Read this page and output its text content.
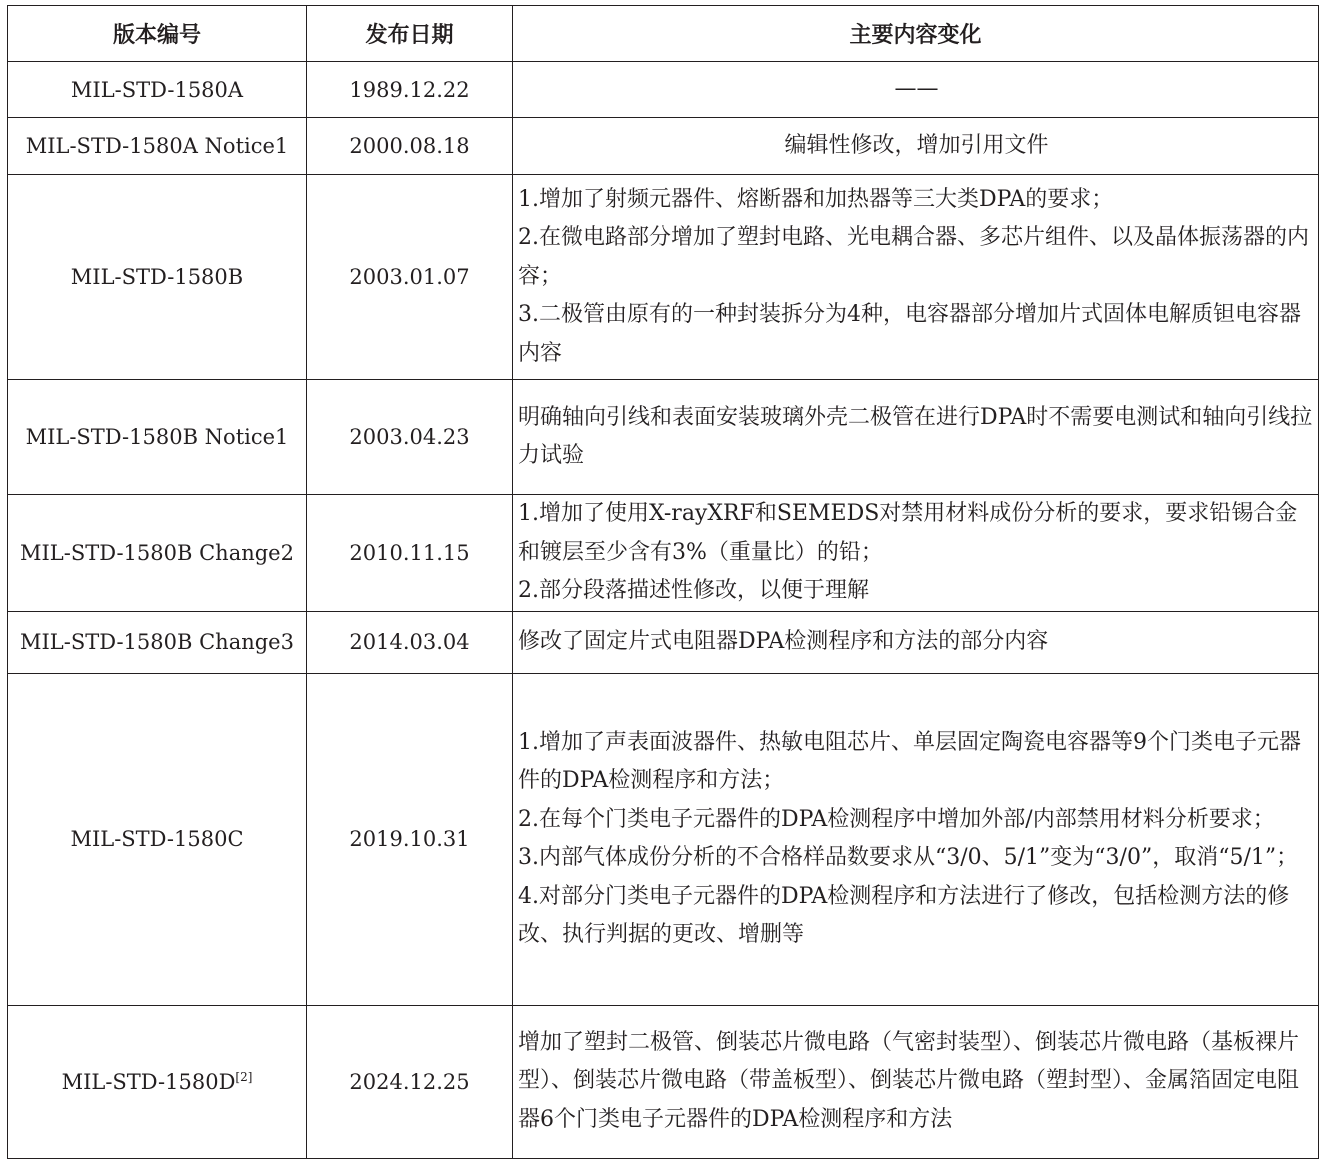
版本编号	发布日期	主要内容变化
MIL-STD-1580A	1989.12.22	——

MIL-STD-1580A Notice1	2000.08.18	编辑性修改，增加引用文件

MIL-STD-1580B	2003.01.07	1.增加了射频元器件、熔断器和加热器等三大类DPA的要求；
2.在微电路部分增加了塑封电路、光电耦合器、多芯片组件、以及晶体振荡器的内容；
3.二极管由原有的一种封装拆分为4种，电容器部分增加片式固体电解质钽电容器内容

MIL-STD-1580B Notice1	2003.04.23	明确轴向引线和表面安装玻璃外壳二极管在进行DPA时不需要电测试和轴向引线拉力试验

MIL-STD-1580B Change2	2010.11.15	1.增加了使用X-rayXRF和SEMEDS对禁用材料成份分析的要求，要求铅锡合金和镀层至少含有3%（重量比）的铅；
2.部分段落描述性修改，以便于理解

MIL-STD-1580B Change3	2014.03.04	修改了固定片式电阻器DPA检测程序和方法的部分内容

MIL-STD-1580C	2019.10.31	1.增加了声表面波器件、热敏电阻芯片、单层固定陶瓷电容器等9个门类电子元器件的DPA检测程序和方法；
2.在每个门类电子元器件的DPA检测程序中增加外部/内部禁用材料分析要求；
3.内部气体成份分析的不合格样品数要求从“3/0、5/1”变为“3/0”，取消“5/1”；
4.对部分门类电子元器件的DPA检测程序和方法进行了修改，包括检测方法的修改、执行判据的更改、增删等

MIL-STD-1580D[2]	2024.12.25	增加了塑封二极管、倒装芯片微电路（气密封装型）、倒装芯片微电路（基板裸片型）、倒装芯片微电路（带盖板型）、倒装芯片微电路（塑封型）、金属箔固定电阻器6个门类电子元器件的DPA检测程序和方法
